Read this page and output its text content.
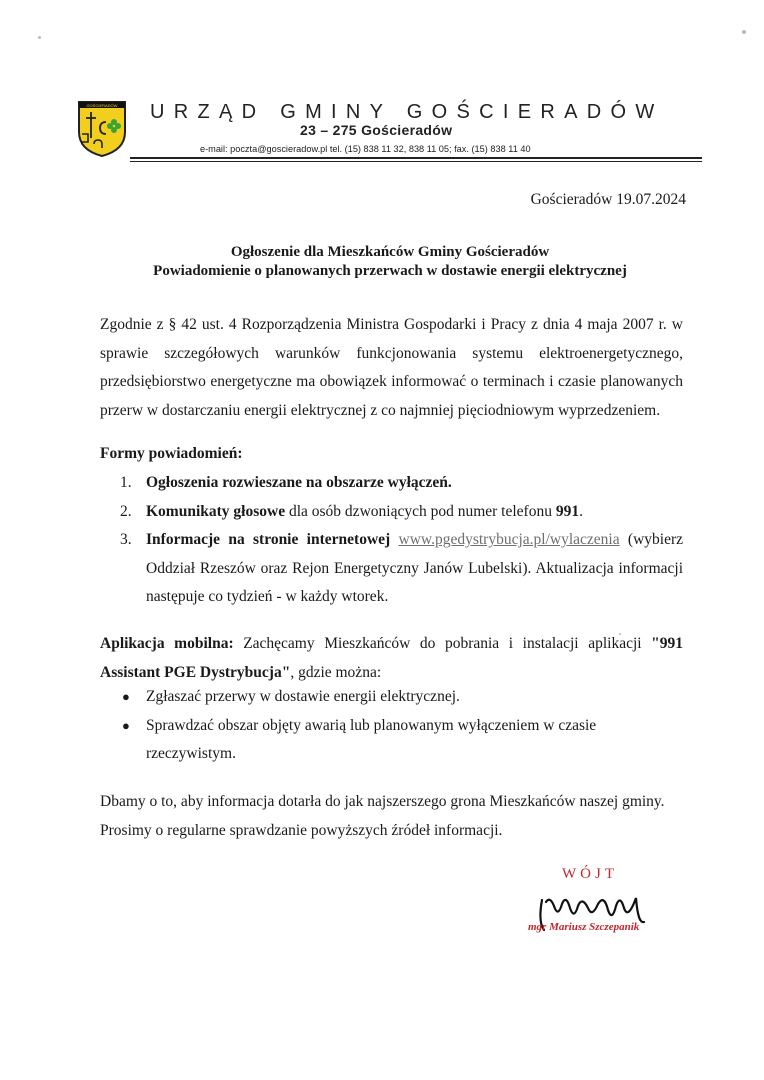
GOŚCIERADÓW URZĄD GMINY GOŚCIERADÓW
23 – 275 Gościeradów
e-mail: poczta@goscieradow.pl tel. (15) 838 11 32, 838 11 05; fax. (15) 838 11 40
Gościeradów 19.07.2024
Ogłoszenie dla Mieszkańców Gminy Gościeradów
Powiadomienie o planowanych przerwach w dostawie energii elektrycznej
Zgodnie z § 42 ust. 4 Rozporządzenia Ministra Gospodarki i Pracy z dnia 4 maja 2007 r. w sprawie szczegółowych warunków funkcjonowania systemu elektroenergetycznego, przedsiębiorstwo energetyczne ma obowiązek informować o terminach i czasie planowanych przerw w dostarczaniu energii elektrycznej z co najmniej pięciodniowym wyprzedzeniem.
Formy powiadomień:
1. Ogłoszenia rozwieszane na obszarze wyłączeń.
2. Komunikaty głosowe dla osób dzwoniących pod numer telefonu 991.
3. Informacje na stronie internetowej www.pgedystrybucja.pl/wylaczenia (wybierz Oddział Rzeszów oraz Rejon Energetyczny Janów Lubelski). Aktualizacja informacji następuje co tydzień - w każdy wtorek.
Aplikacja mobilna: Zachęcamy Mieszkańców do pobrania i instalacji aplikacji "991 Assistant PGE Dystrybucja", gdzie można:
● Zgłaszać przerwy w dostawie energii elektrycznej.
● Sprawdzać obszar objęty awarią lub planowanym wyłączeniem w czasie rzeczywistym.
Dbamy o to, aby informacja dotarła do jak najszerszego grona Mieszkańców naszej gminy.
Prosimy o regularne sprawdzanie powyższych źródeł informacji.
WÓJT
mgr Mariusz Szczepanik
